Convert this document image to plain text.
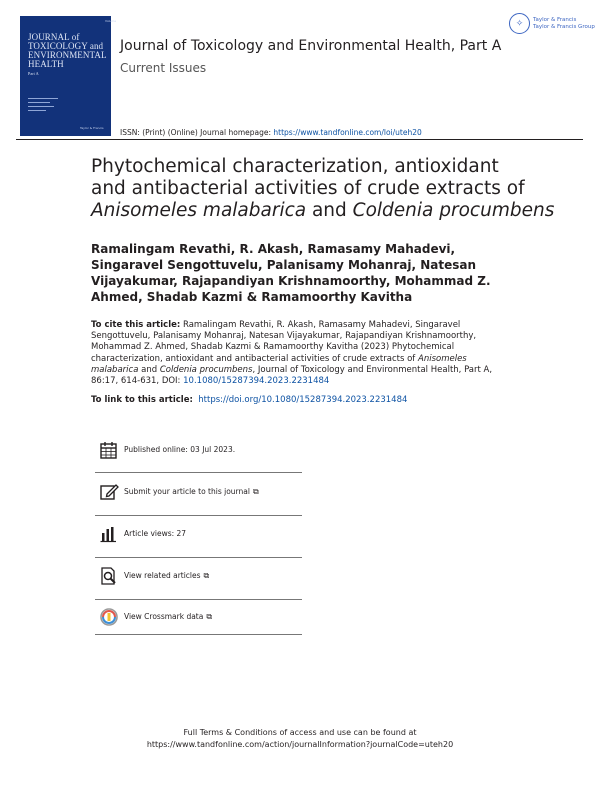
Volume
JOURNAL of
TOXICOLOGY and
ENVIRONMENTAL
HEALTH
Part A
Taylor & Francis
Journal of Toxicology and Environmental Health, Part A
Current Issues
✧	Taylor & Francis
Taylor & Francis Group
ISSN: (Print) (Online) Journal homepage: https://www.tandfonline.com/loi/uteh20
Phytochemical characterization, antioxidant
and antibacterial activities of crude extracts of
Anisomeles malabarica and Coldenia procumbens
Ramalingam Revathi, R. Akash, Ramasamy Mahadevi, Singaravel Sengottuvelu, Palanisamy Mohanraj, Natesan Vijayakumar, Rajapandiyan Krishnamoorthy, Mohammad Z. Ahmed, Shadab Kazmi & Ramamoorthy Kavitha
To cite this article: Ramalingam Revathi, R. Akash, Ramasamy Mahadevi, Singaravel Sengottuvelu, Palanisamy Mohanraj, Natesan Vijayakumar, Rajapandiyan Krishnamoorthy, Mohammad Z. Ahmed, Shadab Kazmi & Ramamoorthy Kavitha (2023) Phytochemical characterization, antioxidant and antibacterial activities of crude extracts of Anisomeles malabarica and Coldenia procumbens, Journal of Toxicology and Environmental Health, Part A, 86:17, 614-631, DOI: 10.1080/15287394.2023.2231484
To link to this article: https://doi.org/10.1080/15287394.2023.2231484
Published online: 03 Jul 2023.
Submit your article to this journal ⧉
Article views: 27
View related articles ⧉
View Crossmark data ⧉
Full Terms & Conditions of access and use can be found at
https://www.tandfonline.com/action/journalInformation?journalCode=uteh20
